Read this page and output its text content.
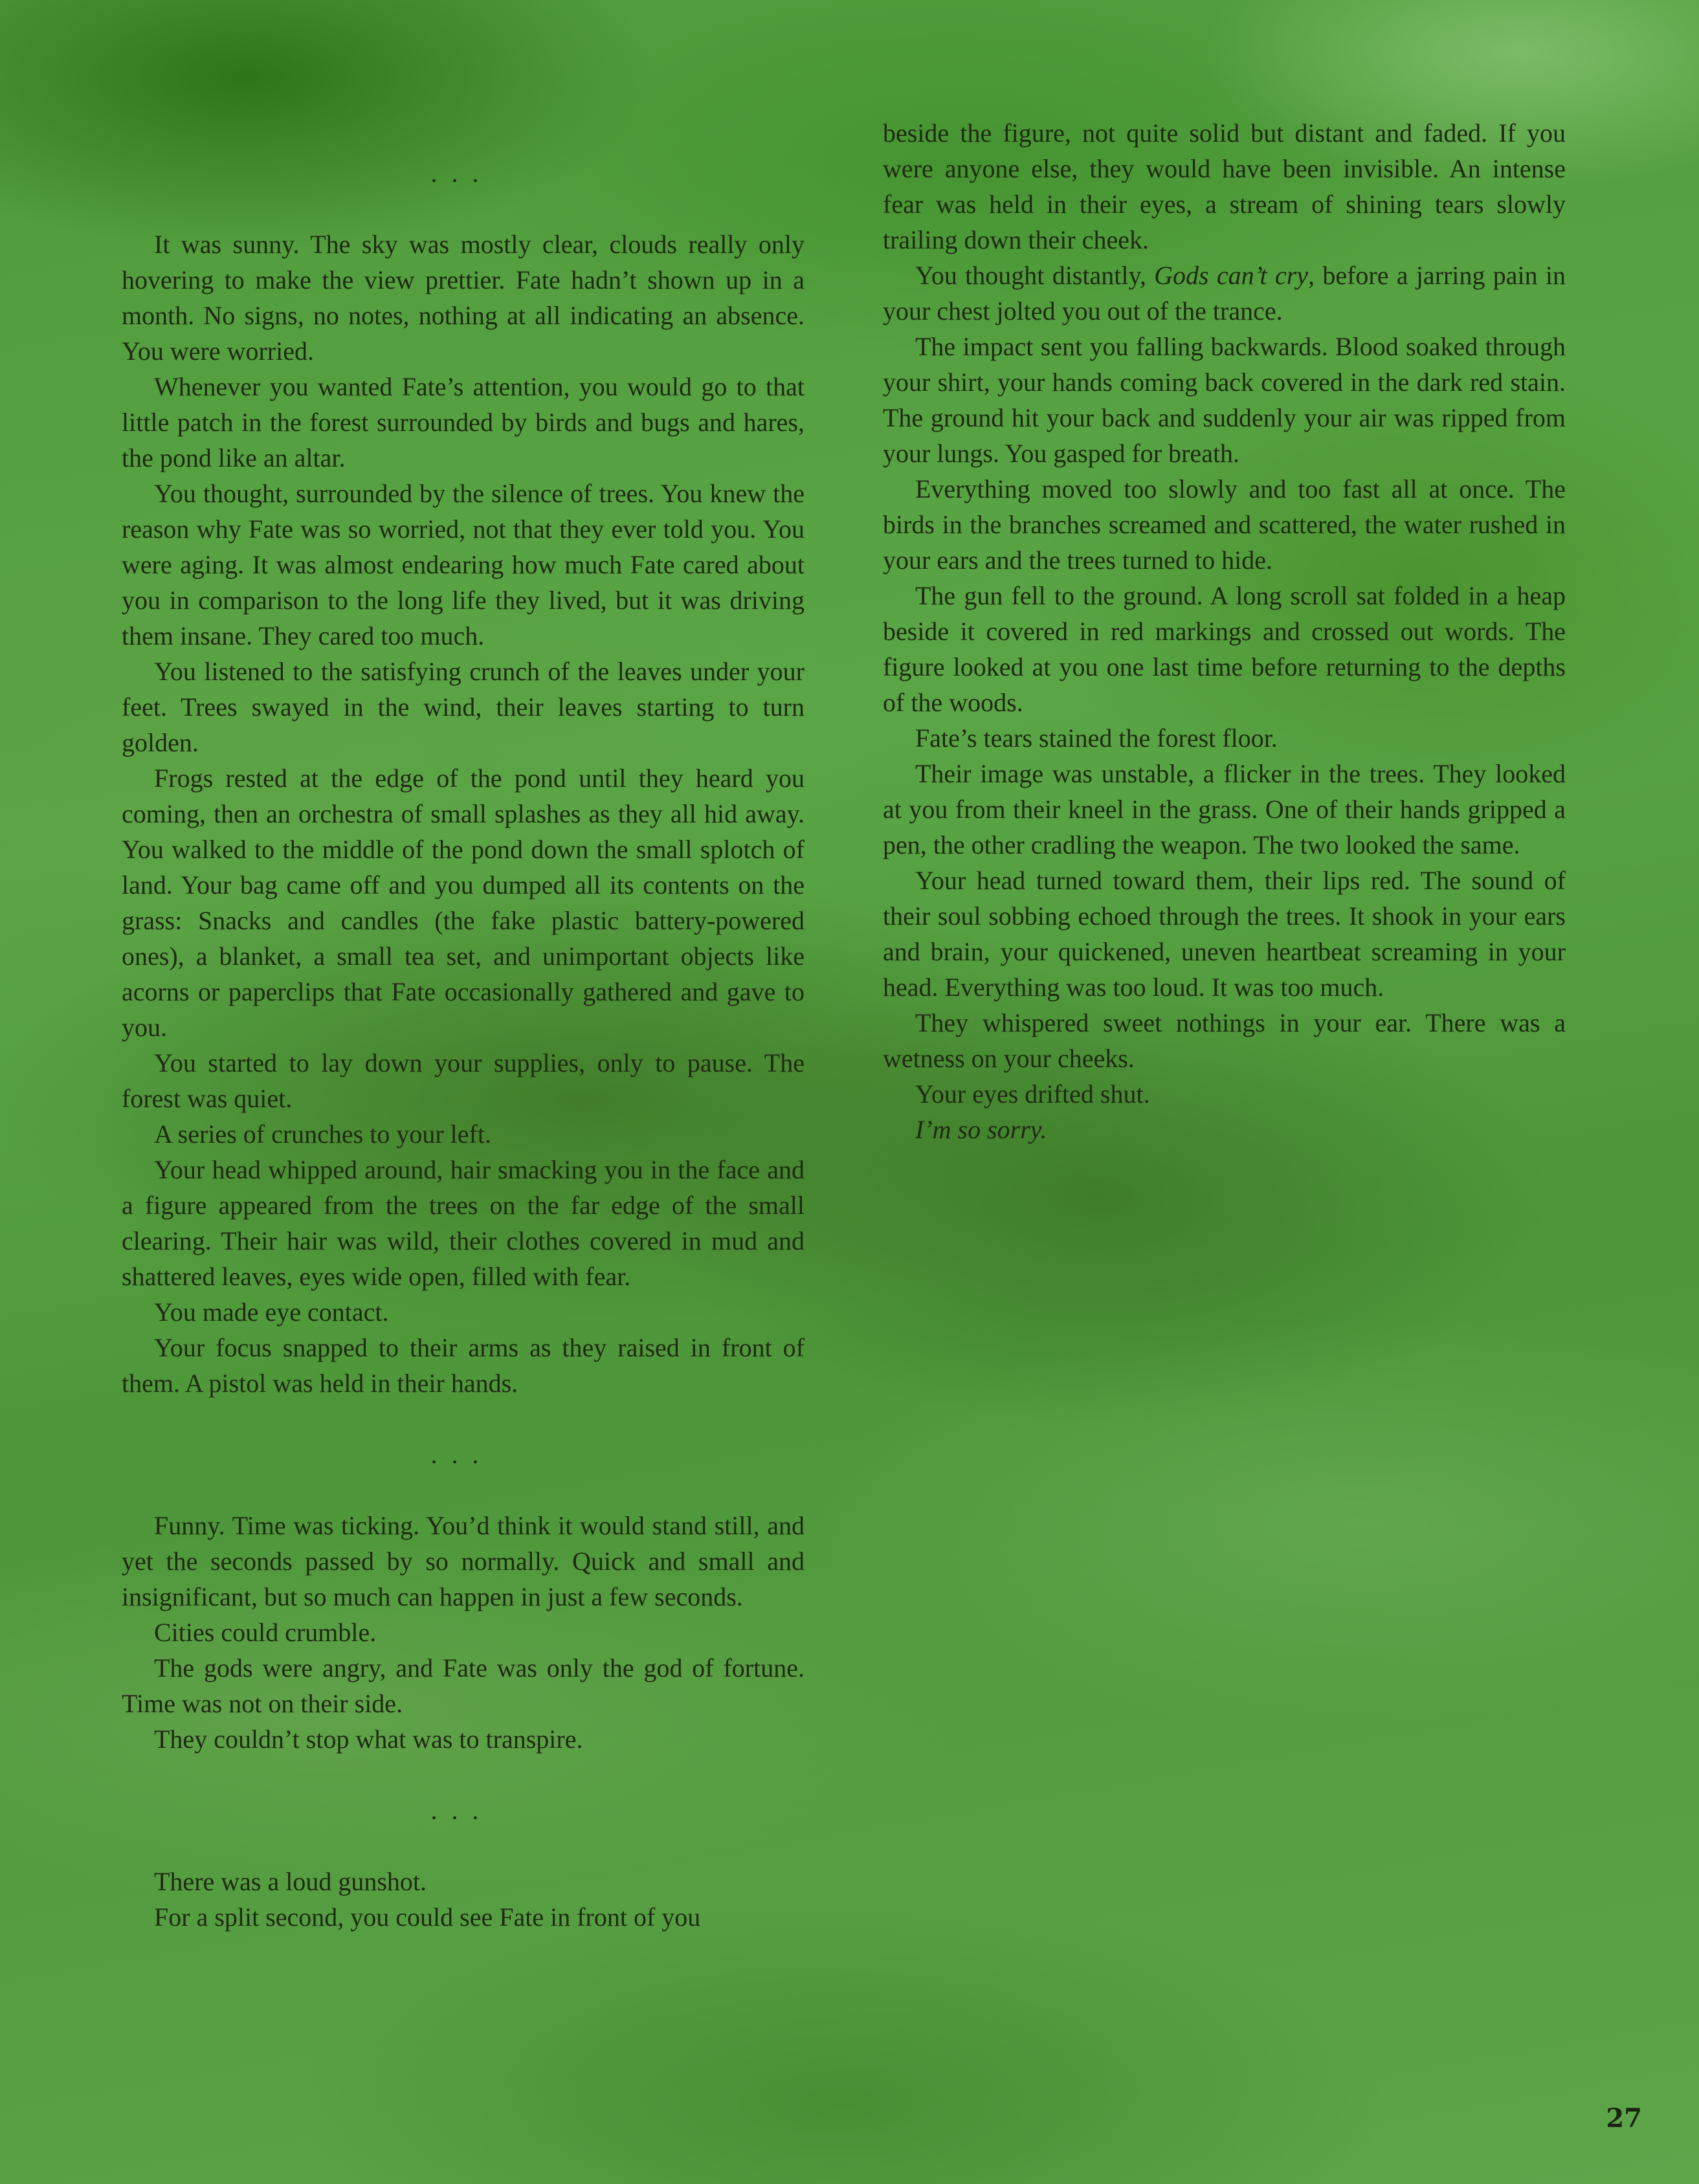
. . .

It was sunny. The sky was mostly clear, clouds really only hovering to make the view prettier. Fate hadn’t shown up in a month. No signs, no notes, nothing at all indicating an absence. You were worried.

Whenever you wanted Fate’s attention, you would go to that little patch in the forest surrounded by birds and bugs and hares, the pond like an altar.

You thought, surrounded by the silence of trees. You knew the reason why Fate was so worried, not that they ever told you. You were aging. It was almost endearing how much Fate cared about you in comparison to the long life they lived, but it was driving them insane. They cared too much.

You listened to the satisfying crunch of the leaves under your feet. Trees swayed in the wind, their leaves starting to turn golden.

Frogs rested at the edge of the pond until they heard you coming, then an orchestra of small splashes as they all hid away. You walked to the middle of the pond down the small splotch of land. Your bag came off and you dumped all its contents on the grass: Snacks and candles (the fake plastic battery-powered ones), a blanket, a small tea set, and unimportant objects like acorns or paperclips that Fate occasionally gathered and gave to you.

You started to lay down your supplies, only to pause. The forest was quiet.

A series of crunches to your left.

Your head whipped around, hair smacking you in the face and a figure appeared from the trees on the far edge of the small clearing. Their hair was wild, their clothes covered in mud and shattered leaves, eyes wide open, filled with fear.

You made eye contact.

Your focus snapped to their arms as they raised in front of them. A pistol was held in their hands.

. . .

Funny. Time was ticking. You’d think it would stand still, and yet the seconds passed by so normally. Quick and small and insignificant, but so much can happen in just a few seconds.

Cities could crumble.

The gods were angry, and Fate was only the god of fortune. Time was not on their side.

They couldn’t stop what was to transpire.

. . .

There was a loud gunshot.

For a split second, you could see Fate in front of you

beside the figure, not quite solid but distant and faded. If you were anyone else, they would have been invisible. An intense fear was held in their eyes, a stream of shining tears slowly trailing down their cheek.

You thought distantly, Gods can’t cry, before a jarring pain in your chest jolted you out of the trance.

The impact sent you falling backwards. Blood soaked through your shirt, your hands coming back covered in the dark red stain. The ground hit your back and suddenly your air was ripped from your lungs. You gasped for breath.

Everything moved too slowly and too fast all at once. The birds in the branches screamed and scattered, the water rushed in your ears and the trees turned to hide.

The gun fell to the ground. A long scroll sat folded in a heap beside it covered in red markings and crossed out words. The figure looked at you one last time before returning to the depths of the woods.

Fate’s tears stained the forest floor.

Their image was unstable, a flicker in the trees. They looked at you from their kneel in the grass. One of their hands gripped a pen, the other cradling the weapon. The two looked the same.

Your head turned toward them, their lips red. The sound of their soul sobbing echoed through the trees. It shook in your ears and brain, your quickened, uneven heartbeat screaming in your head. Everything was too loud. It was too much.

They whispered sweet nothings in your ear. There was a wetness on your cheeks.

Your eyes drifted shut.

I’m so sorry.

27
